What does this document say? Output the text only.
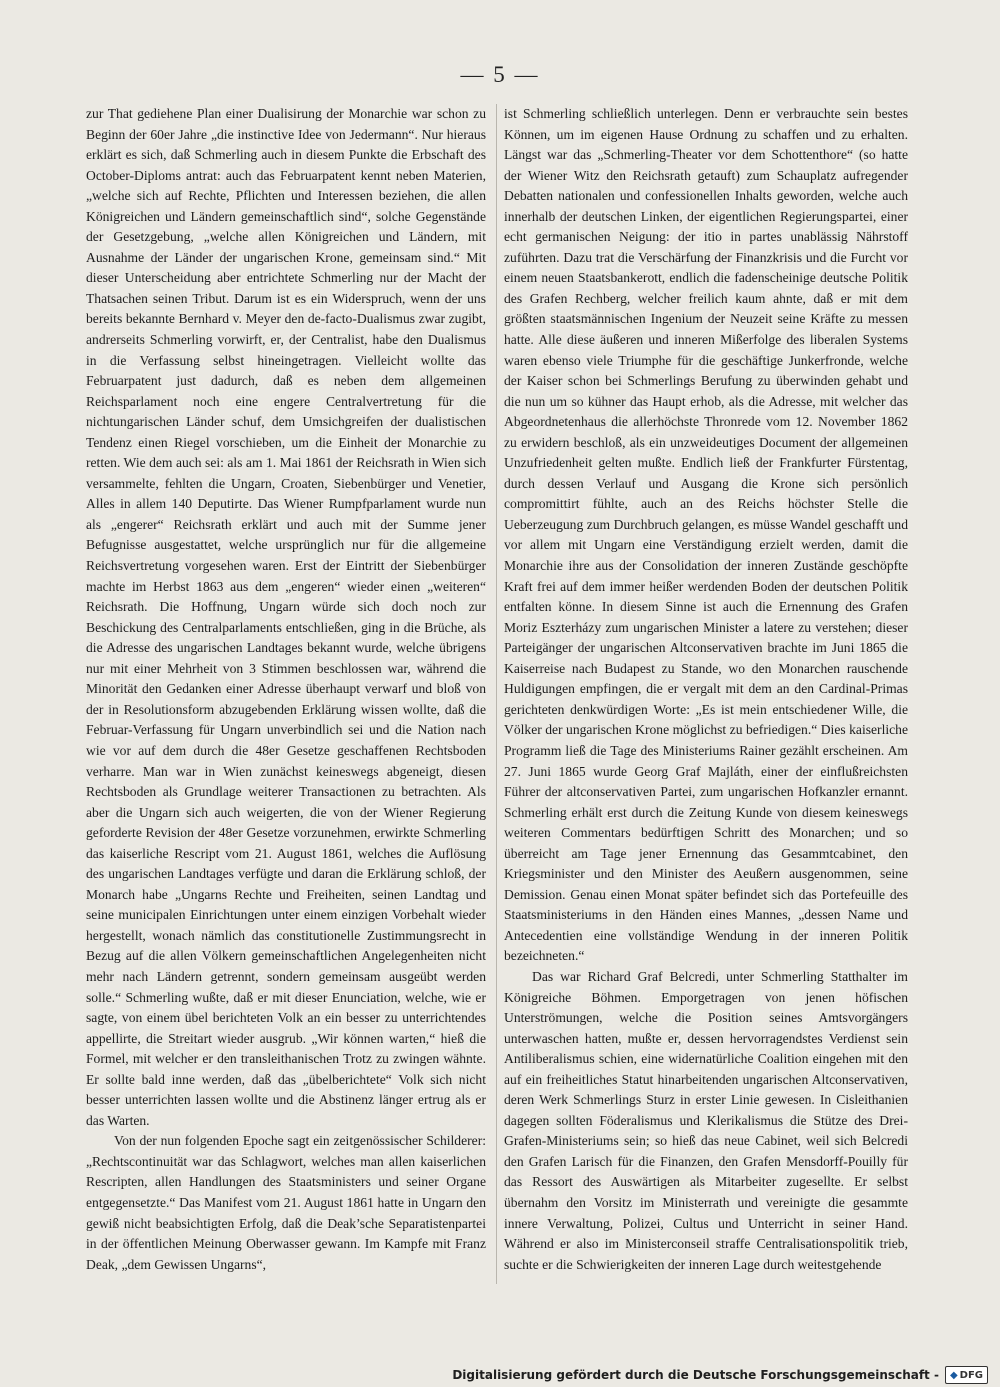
— 5 —

zur That gediehene Plan einer Dualisirung der Monarchie war schon zu Beginn der 60er Jahre „die instinctive Idee von Jedermann“. Nur hieraus erklärt es sich, daß Schmerling auch in diesem Punkte die Erbschaft des October-Diploms antrat: auch das Februarpatent kennt neben Materien, „welche sich auf Rechte, Pflichten und Interessen beziehen, die allen Königreichen und Ländern gemeinschaftlich sind“, solche Gegenstände der Gesetzgebung, „welche allen Königreichen und Ländern, mit Ausnahme der Länder der ungarischen Krone, gemeinsam sind.“ Mit dieser Unterscheidung aber entrichtete Schmerling nur der Macht der Thatsachen seinen Tribut. Darum ist es ein Widerspruch, wenn der uns bereits bekannte Bernhard v. Meyer den de-facto-Dualismus zwar zugibt, andrerseits Schmerling vorwirft, er, der Centralist, habe den Dualismus in die Verfassung selbst hineingetragen. Vielleicht wollte das Februarpatent just dadurch, daß es neben dem allgemeinen Reichsparlament noch eine engere Centralvertretung für die nichtungarischen Länder schuf, dem Umsichgreifen der dualistischen Tendenz einen Riegel vorschieben, um die Einheit der Monarchie zu retten. Wie dem auch sei: als am 1. Mai 1861 der Reichsrath in Wien sich versammelte, fehlten die Ungarn, Croaten, Siebenbürger und Venetier, Alles in allem 140 Deputirte. Das Wiener Rumpfparlament wurde nun als „engerer“ Reichsrath erklärt und auch mit der Summe jener Befugnisse ausgestattet, welche ursprünglich nur für die allgemeine Reichsvertretung vorgesehen waren. Erst der Eintritt der Siebenbürger machte im Herbst 1863 aus dem „engeren“ wieder einen „weiteren“ Reichsrath. Die Hoffnung, Ungarn würde sich doch noch zur Beschickung des Centralparlaments entschließen, ging in die Brüche, als die Adresse des ungarischen Landtages bekannt wurde, welche übrigens nur mit einer Mehrheit von 3 Stimmen beschlossen war, während die Minorität den Gedanken einer Adresse überhaupt verwarf und bloß von der in Resolutionsform abzugebenden Erklärung wissen wollte, daß die Februar-Verfassung für Ungarn unverbindlich sei und die Nation nach wie vor auf dem durch die 48er Gesetze geschaffenen Rechtsboden verharre. Man war in Wien zunächst keineswegs abgeneigt, diesen Rechtsboden als Grundlage weiterer Transactionen zu betrachten. Als aber die Ungarn sich auch weigerten, die von der Wiener Regierung geforderte Revision der 48er Gesetze vorzunehmen, erwirkte Schmerling das kaiserliche Rescript vom 21. August 1861, welches die Auflösung des ungarischen Landtages verfügte und daran die Erklärung schloß, der Monarch habe „Ungarns Rechte und Freiheiten, seinen Landtag und seine municipalen Einrichtungen unter einem einzigen Vorbehalt wieder hergestellt, wonach nämlich das constitutionelle Zustimmungsrecht in Bezug auf die allen Völkern gemeinschaftlichen Angelegenheiten nicht mehr nach Ländern getrennt, sondern gemeinsam ausgeübt werden solle.“ Schmerling wußte, daß er mit dieser Enunciation, welche, wie er sagte, von einem übel berichteten Volk an ein besser zu unterrichtendes appellirte, die Streitart wieder ausgrub. „Wir können warten,“ hieß die Formel, mit welcher er den transleithanischen Trotz zu zwingen wähnte. Er sollte bald inne werden, daß das „übelberichtete“ Volk sich nicht besser unterrichten lassen wollte und die Abstinenz länger ertrug als er das Warten.

Von der nun folgenden Epoche sagt ein zeitgenössischer Schilderer: „Rechtscontinuität war das Schlagwort, welches man allen kaiserlichen Rescripten, allen Handlungen des Staatsministers und seiner Organe entgegensetzte.“ Das Manifest vom 21. August 1861 hatte in Ungarn den gewiß nicht beabsichtigten Erfolg, daß die Deak’sche Separatistenpartei in der öffentlichen Meinung Oberwasser gewann. Im Kampfe mit Franz Deak, „dem Gewissen Ungarns“,

ist Schmerling schließlich unterlegen. Denn er verbrauchte sein bestes Können, um im eigenen Hause Ordnung zu schaffen und zu erhalten. Längst war das „Schmerling-Theater vor dem Schottenthore“ (so hatte der Wiener Witz den Reichsrath getauft) zum Schauplatz aufregender Debatten nationalen und confessionellen Inhalts geworden, welche auch innerhalb der deutschen Linken, der eigentlichen Regierungspartei, einer echt germanischen Neigung: der itio in partes unablässig Nährstoff zuführten. Dazu trat die Verschärfung der Finanzkrisis und die Furcht vor einem neuen Staatsbankerott, endlich die fadenscheinige deutsche Politik des Grafen Rechberg, welcher freilich kaum ahnte, daß er mit dem größten staatsmännischen Ingenium der Neuzeit seine Kräfte zu messen hatte. Alle diese äußeren und inneren Mißerfolge des liberalen Systems waren ebenso viele Triumphe für die geschäftige Junkerfronde, welche der Kaiser schon bei Schmerlings Berufung zu überwinden gehabt und die nun um so kühner das Haupt erhob, als die Adresse, mit welcher das Abgeordnetenhaus die allerhöchste Thronrede vom 12. November 1862 zu erwidern beschloß, als ein unzweideutiges Document der allgemeinen Unzufriedenheit gelten mußte. Endlich ließ der Frankfurter Fürstentag, durch dessen Verlauf und Ausgang die Krone sich persönlich compromittirt fühlte, auch an des Reichs höchster Stelle die Ueberzeugung zum Durchbruch gelangen, es müsse Wandel geschafft und vor allem mit Ungarn eine Verständigung erzielt werden, damit die Monarchie ihre aus der Consolidation der inneren Zustände geschöpfte Kraft frei auf dem immer heißer werdenden Boden der deutschen Politik entfalten könne. In diesem Sinne ist auch die Ernennung des Grafen Moriz Eszterházy zum ungarischen Minister a latere zu verstehen; dieser Parteigänger der ungarischen Altconservativen brachte im Juni 1865 die Kaiserreise nach Budapest zu Stande, wo den Monarchen rauschende Huldigungen empfingen, die er vergalt mit dem an den Cardinal-Primas gerichteten denkwürdigen Worte: „Es ist mein entschiedener Wille, die Völker der ungarischen Krone möglichst zu befriedigen.“ Dies kaiserliche Programm ließ die Tage des Ministeriums Rainer gezählt erscheinen. Am 27. Juni 1865 wurde Georg Graf Majláth, einer der einflußreichsten Führer der altconservativen Partei, zum ungarischen Hofkanzler ernannt. Schmerling erhält erst durch die Zeitung Kunde von diesem keineswegs weiteren Commentars bedürftigen Schritt des Monarchen; und so überreicht am Tage jener Ernennung das Gesammtcabinet, den Kriegsminister und den Minister des Aeußern ausgenommen, seine Demission. Genau einen Monat später befindet sich das Portefeuille des Staatsministeriums in den Händen eines Mannes, „dessen Name und Antecedentien eine vollständige Wendung in der inneren Politik bezeichneten.“

Das war Richard Graf Belcredi, unter Schmerling Statthalter im Königreiche Böhmen. Emporgetragen von jenen höfischen Unterströmungen, welche die Position seines Amtsvorgängers unterwaschen hatten, mußte er, dessen hervorragendstes Verdienst sein Antiliberalismus schien, eine widernatürliche Coalition eingehen mit den auf ein freiheitliches Statut hinarbeitenden ungarischen Altconservativen, deren Werk Schmerlings Sturz in erster Linie gewesen. In Cisleithanien dagegen sollten Föderalismus und Klerikalismus die Stütze des Drei-Grafen-Ministeriums sein; so hieß das neue Cabinet, weil sich Belcredi den Grafen Larisch für die Finanzen, den Grafen Mensdorff-Pouilly für das Ressort des Auswärtigen als Mitarbeiter zugesellte. Er selbst übernahm den Vorsitz im Ministerrath und vereinigte die gesammte innere Verwaltung, Polizei, Cultus und Unterricht in seiner Hand. Während er also im Ministerconseil straffe Centralisationspolitik trieb, suchte er die Schwierigkeiten der inneren Lage durch weitestgehende

Digitalisierung gefördert durch die Deutsche Forschungsgemeinschaft - ◆ DFG
